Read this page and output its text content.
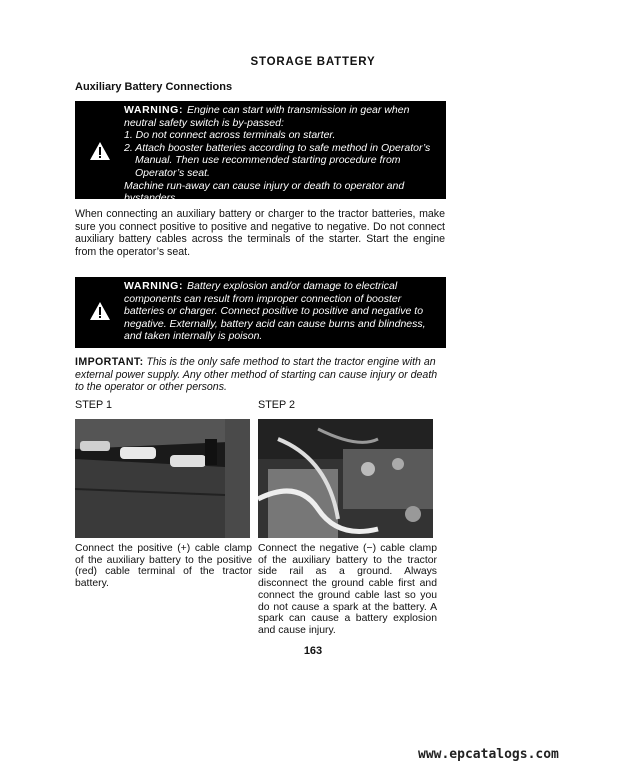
STORAGE BATTERY
Auxiliary Battery Connections
WARNING: Engine can start with transmission in gear when neutral safety switch is by-passed:
1. Do not connect across terminals on starter.
2. Attach booster batteries according to safe method in Operator’s
Manual. Then use recommended starting procedure from Operator’s seat.
Machine run-away can cause injury or death to operator and bystanders.
When connecting an auxiliary battery or charger to the tractor batteries, make sure you connect positive to positive and negative to negative. Do not connect auxiliary battery cables across the terminals of the starter. Start the engine from the operator’s seat.
WARNING: Battery explosion and/or damage to electrical components can result from improper connection of booster batteries or charger. Connect positive to positive and negative to negative. Externally, battery acid can cause burns and blindness, and taken internally is poison.
IMPORTANT: This is the only safe method to start the tractor engine with an external power supply. Any other method of starting can cause injury or death to the operator or other persons.
STEP 1	STEP 2
Connect the positive (+) cable clamp of the auxiliary battery to the positive (red) cable terminal of the tractor battery.
Connect the negative (−) cable clamp of the auxiliary battery to the tractor side rail as a ground. Always disconnect the ground cable first and connect the ground cable last so you do not cause a spark at the battery. A spark can cause a battery explosion and cause injury.
163
www.epcatalogs.com
